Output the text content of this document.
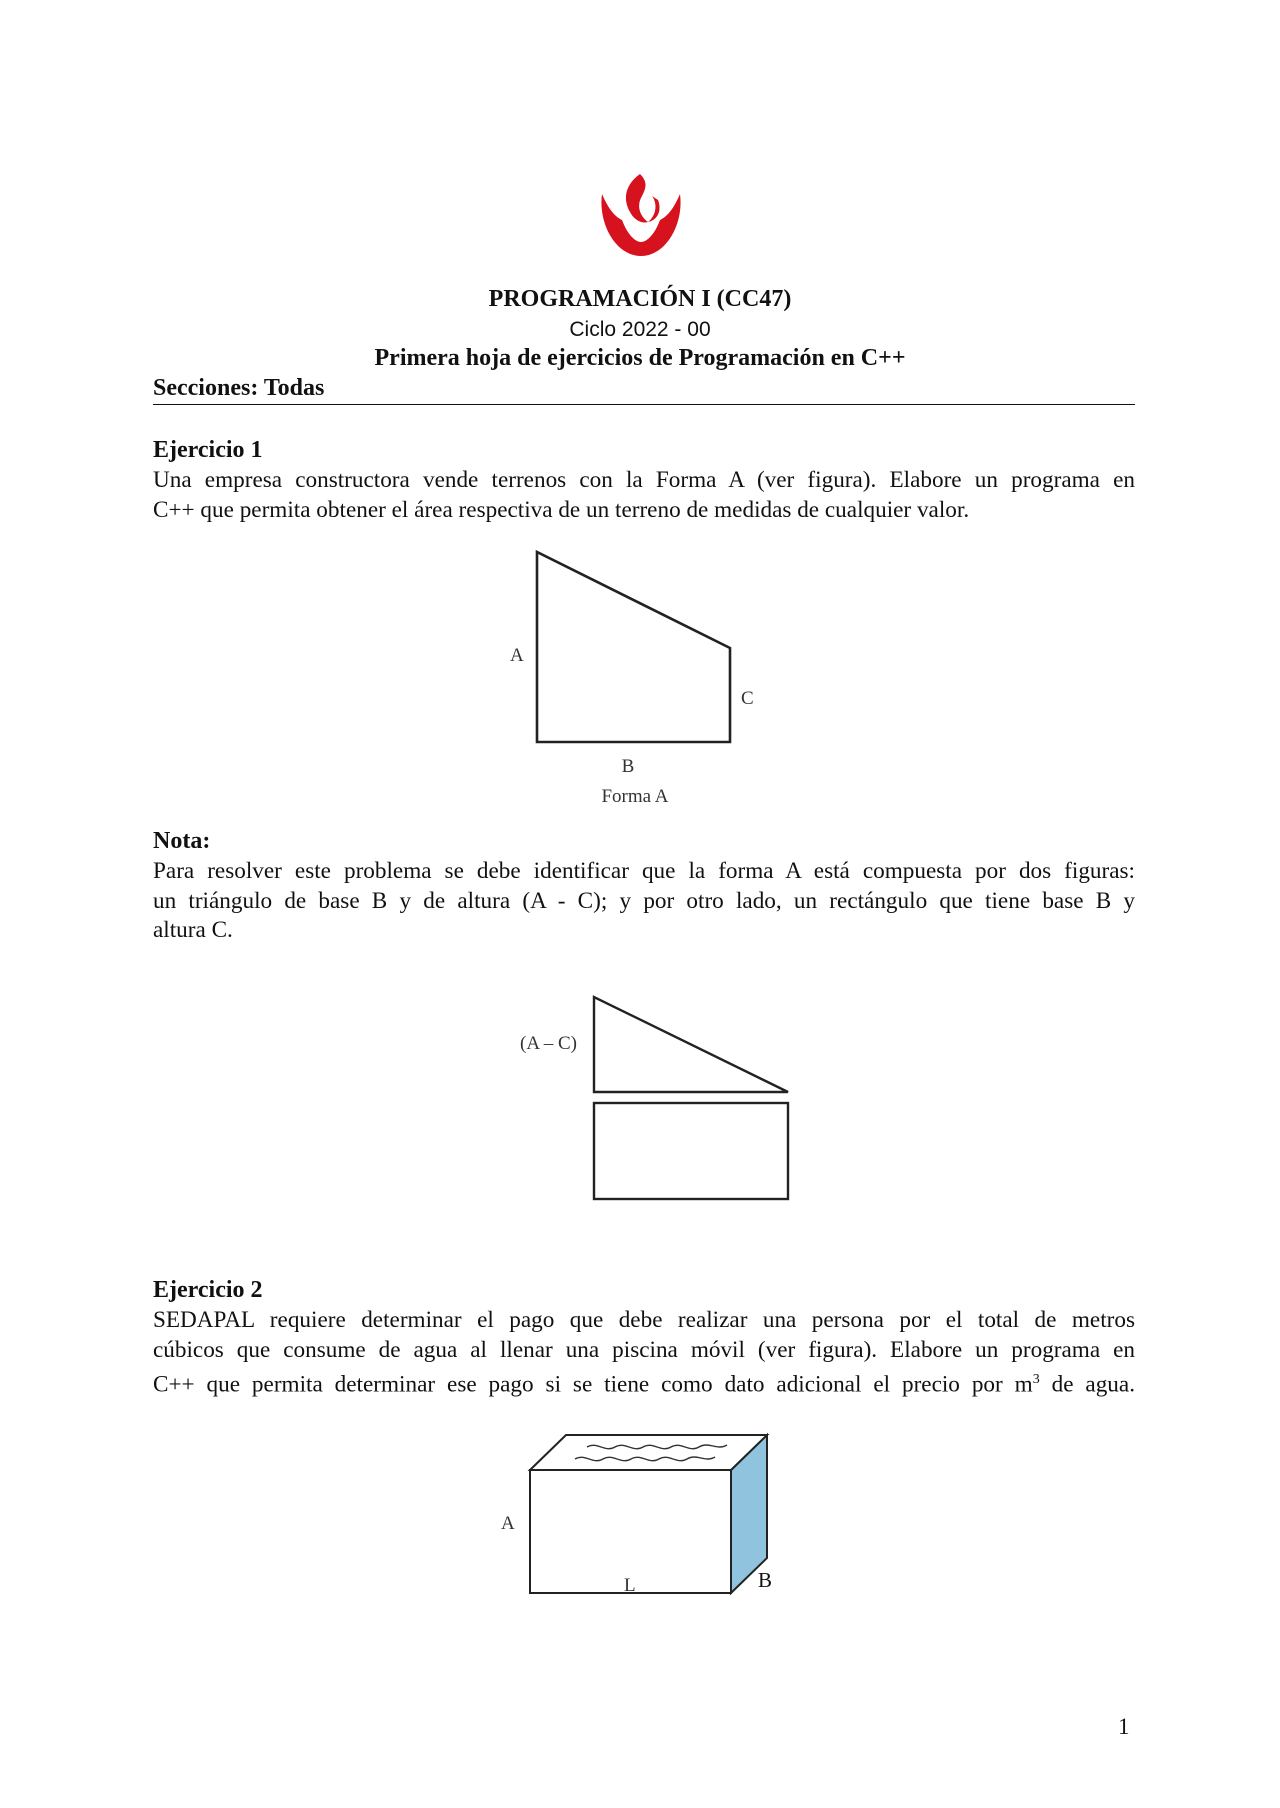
PROGRAMACIÓN I (CC47)
Ciclo 2022 - 00
Primera hoja de ejercicios de Programación en C++
Secciones: Todas
Ejercicio 1
Una empresa constructora vende terrenos con la Forma A (ver figura). Elabore un programa en
C++ que permita obtener el área respectiva de un terreno de medidas de cualquier valor.
A
C
B
Forma A
Nota:
Para resolver este problema se debe identificar que la forma A está compuesta por dos figuras:
un triángulo de base B y de altura (A - C); y por otro lado, un rectángulo que tiene base B y
altura C.
(A – C)
Ejercicio 2
SEDAPAL requiere determinar el pago que debe realizar una persona por el total de metros
cúbicos que consume de agua al llenar una piscina móvil (ver figura). Elabore un programa en
C++ que permita determinar ese pago si se tiene como dato adicional el precio por $m^3$ de agua.
A
B
L
1
